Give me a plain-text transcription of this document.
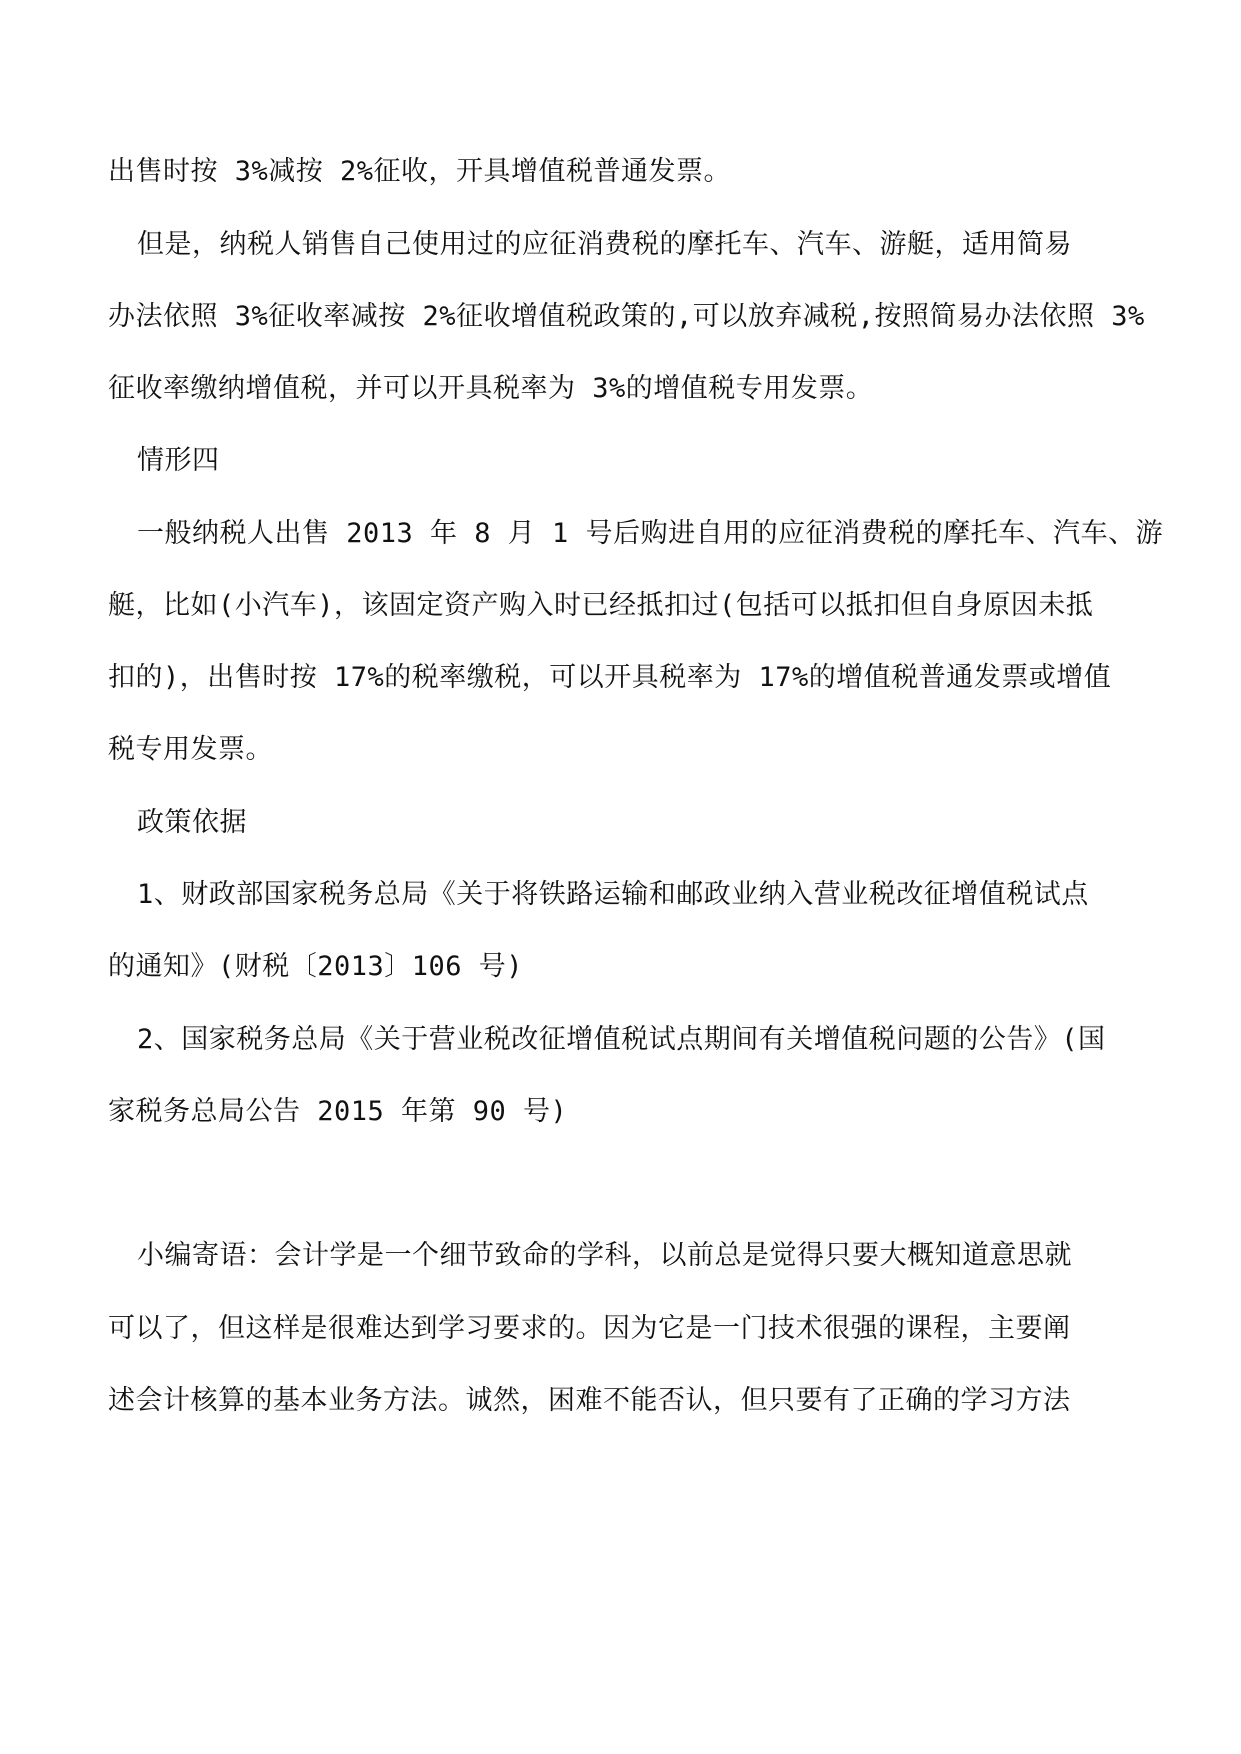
出售时按 3%减按 2%征收，开具增值税普通发票。
但是，纳税人销售自己使用过的应征消费税的摩托车、汽车、游艇，适用简易
办法依照 3%征收率减按 2%征收增值税政策的,可以放弃减税,按照简易办法依照 3%
征收率缴纳增值税，并可以开具税率为 3%的增值税专用发票。
情形四
一般纳税人出售 2013 年 8 月 1 号后购进自用的应征消费税的摩托车、汽车、游
艇，比如(小汽车)，该固定资产购入时已经抵扣过(包括可以抵扣但自身原因未抵
扣的)，出售时按 17%的税率缴税，可以开具税率为 17%的增值税普通发票或增值
税专用发票。
政策依据
1、财政部国家税务总局《关于将铁路运输和邮政业纳入营业税改征增值税试点
的通知》(财税〔2013〕106 号)
2、国家税务总局《关于营业税改征增值税试点期间有关增值税问题的公告》(国
家税务总局公告 2015 年第 90 号)
小编寄语：会计学是一个细节致命的学科，以前总是觉得只要大概知道意思就
可以了，但这样是很难达到学习要求的。因为它是一门技术很强的课程，主要阐
述会计核算的基本业务方法。诚然，困难不能否认，但只要有了正确的学习方法
